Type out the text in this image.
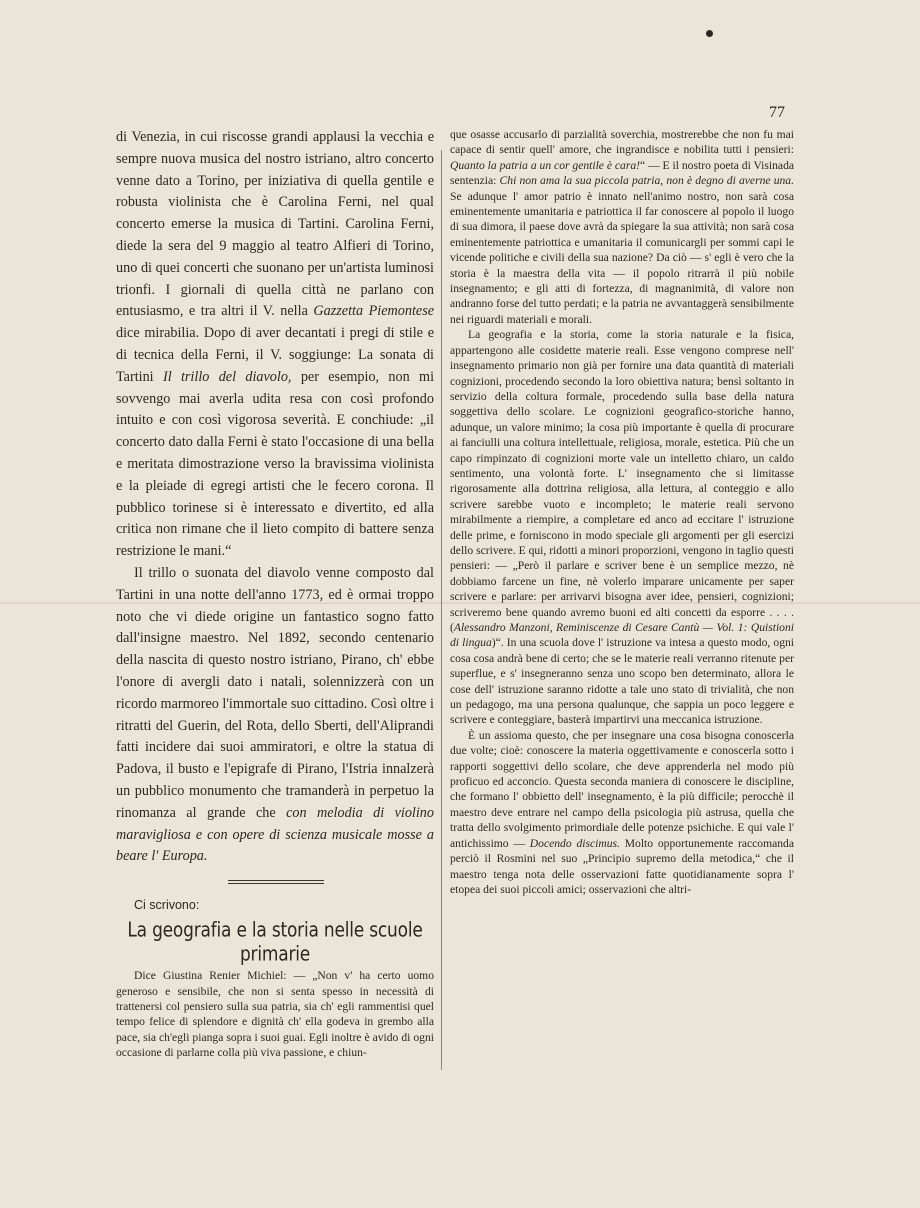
77

di Venezia, in cui riscosse grandi applausi la vecchia e sempre nuova musica del nostro istriano, altro concerto venne dato a Torino, per iniziativa di quella gentile e robusta violinista che è Carolina Ferni, nel qual concerto emerse la musica di Tartini. Carolina Ferni, diede la sera del 9 maggio al teatro Alfieri di Torino, uno di quei concerti che suonano per un'artista luminosi trionfi. I giornali di quella città ne parlano con entusiasmo, e tra altri il V. nella Gazzetta Piemontese dice mirabilia. Dopo di aver decantati i pregi di stile e di tecnica della Ferni, il V. soggiunge: La sonata di Tartini Il trillo del diavolo, per esempio, non mi sovvengo mai averla udita resa con così profondo intuito e con così vigorosa severità. E conchiude: „il concerto dato dalla Ferni è stato l'occasione di una bella e meritata dimostrazione verso la bravissima violinista e la pleiade di egregi artisti che le fecero corona. Il pubblico torinese si è interessato e divertito, ed alla critica non rimane che il lieto compito di battere senza restrizione le mani.“

Il trillo o suonata del diavolo venne composto dal Tartini in una notte dell'anno 1773, ed è ormai troppo noto che vi diede origine un fantastico sogno fatto dall'insigne maestro. Nel 1892, secondo centenario della nascita di questo nostro istriano, Pirano, ch' ebbe l'onore di avergli dato i natali, solennizzerà con un ricordo marmoreo l'immortale suo cittadino. Così oltre i ritratti del Guerin, del Rota, dello Sberti, dell'Aliprandi fatti incidere dai suoi ammiratori, e oltre la statua di Padova, il busto e l'epigrafe di Pirano, l'Istria innalzerà un pubblico monumento che tramanderà in perpetuo la rinomanza al grande che con melodia di violino maravigliosa e con opere di scienza musicale mosse a beare l' Europa.

Ci scrivono:

La geografia e la storia nelle scuole primarie

Dice Giustina Renier Michiel: — „Non v' ha certo uomo generoso e sensibile, che non si senta spesso in necessità di trattenersi col pensiero sulla sua patria, sia ch' egli rammentisi quel tempo felice di splendore e dignità ch' ella godeva in grembo alla pace, sia ch'egli pianga sopra i suoi guai. Egli inoltre è avido di ogni occasione di parlarne colla più viva passione, e chiun-

que osasse accusarlo di parzialità soverchia, mostrerebbe che non fu mai capace di sentir quell' amore, che ingrandisce e nobilita tutti i pensieri: Quanto la patria a un cor gentile è cara!“ — E il nostro poeta di Visinada sentenzia: Chi non ama la sua piccola patria, non è degno di averne una. Se adunque l' amor patrio è innato nell'animo nostro, non sarà cosa eminentemente umanitaria e patriottica il far conoscere al popolo il luogo di sua dimora, il paese dove avrà da spiegare la sua attività; non sarà cosa eminentemente patriottica e umanitaria il comunicargli per sommi capi le vicende politiche e civili della sua nazione? Da ciò — s' egli è vero che la storia è la maestra della vita — il popolo ritrarrà il più nobile insegnamento; e gli atti di fortezza, di magnanimità, di valore non andranno forse del tutto perdati; e la patria ne avvantaggerà sensibilmente nei riguardi materiali e morali.

La geografia e la storia, come la storia naturale e la fisica, appartengono alle cosidette materie reali. Esse vengono comprese nell' insegnamento primario non già per fornire una data quantità di materiali cognizioni, procedendo secondo la loro obiettiva natura; bensì soltanto in servizio della coltura formale, procedendo sulla base della natura soggettiva dello scolare. Le cognizioni geografico-storiche hanno, adunque, un valore minimo; la cosa più importante è quella di procurare ai fanciulli una coltura intellettuale, religiosa, morale, estetica. Più che un capo rimpinzato di cognizioni morte vale un intelletto chiaro, un caldo sentimento, una volontà forte. L' insegnamento che si limitasse rigorosamente alla dottrina religiosa, alla lettura, al conteggio e allo scrivere sarebbe vuoto e incompleto; le materie reali servono mirabilmente a riempire, a completare ed anco ad eccitare l' istruzione delle prime, e forniscono in modo speciale gli argomenti per gli esercizi dello scrivere. E qui, ridotti a minori proporzioni, vengono in taglio questi pensieri: — „Però il parlare e scriver bene è un semplice mezzo, nè dobbiamo farcene un fine, nè volerlo imparare unicamente per saper scrivere e parlare: per arrivarvi bisogna aver idee, pensieri, cognizioni; scriveremo bene quando avremo buoni ed alti concetti da esporre . . . . (Alessandro Manzoni, Reminiscenze di Cesare Cantù — Vol. 1: Quistioni di lingua)“. In una scuola dove l' istruzione va intesa a questo modo, ogni cosa cosa andrà bene di certo; che se le materie reali verranno ritenute per superflue, e s' insegneranno senza uno scopo ben determinato, allora le cose dell' istruzione saranno ridotte a tale uno stato di trivialità, che non un pedagogo, ma una persona qualunque, che sappia un poco leggere e scrivere e conteggiare, basterà impartirvi una meccanica istruzione.

È un assioma questo, che per insegnare una cosa bisogna conoscerla due volte; cioè: conoscere la materia oggettivamente e conoscerla sotto i rapporti soggettivi dello scolare, che deve apprenderla nel modo più proficuo ed acconcio. Questa seconda maniera di conoscere le discipline, che formano l' obbietto dell' insegnamento, è la più difficile; perocchè il maestro deve entrare nel campo della psicologia più astrusa, quella che tratta dello svolgimento primordiale delle potenze psichiche. E qui vale l' antichissimo — Docendo discimus. Molto opportunemente raccomanda perciò il Rosmini nel suo „Principio supremo della metodica,“ che il maestro tenga nota delle osservazioni fatte quotidianamente sopra l' etopea dei suoi piccoli amici; osservazioni che altri-
